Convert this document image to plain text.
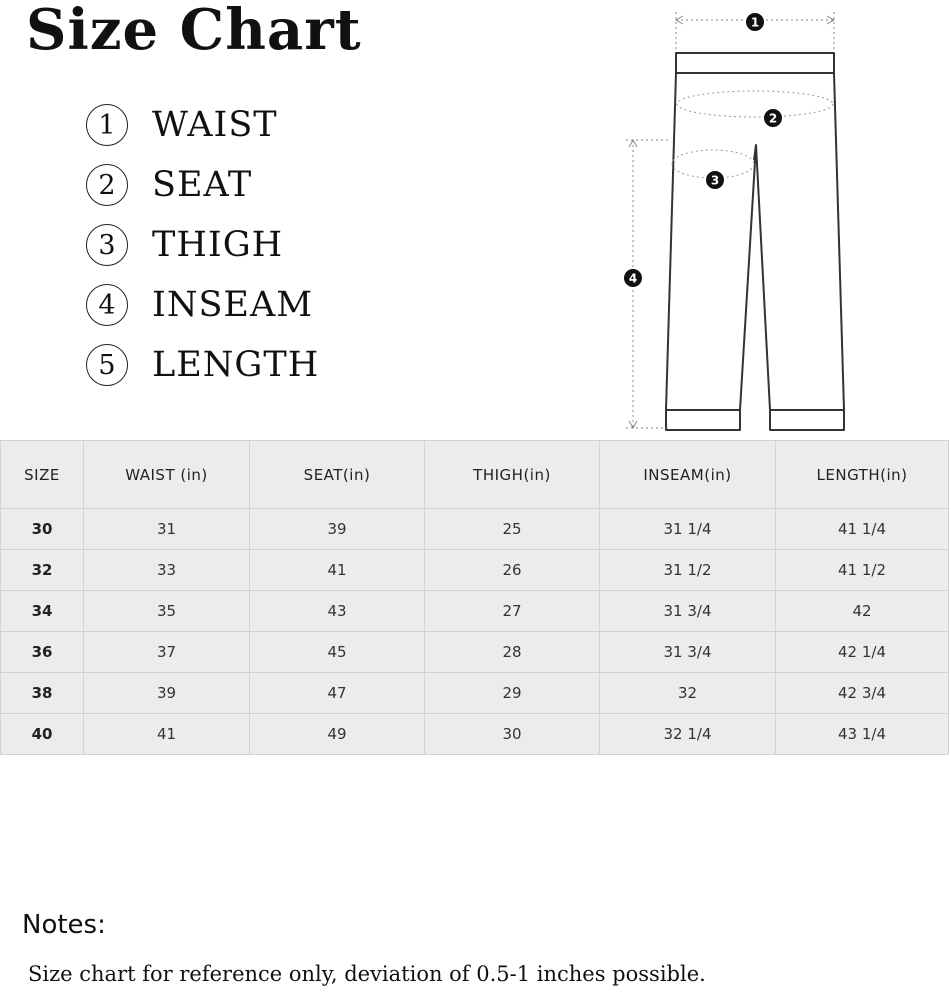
Size Chart
1	WAIST
2	SEAT
3	THIGH
4	INSEAM
5	LENGTH
1
2
3
4
SIZE	WAIST (in)	SEAT(in)	THIGH(in)	INSEAM(in)	LENGTH(in)
30	31	39	25	31 1/4	41 1/4
32	33	41	26	31 1/2	41 1/2
34	35	43	27	31 3/4	42
36	37	45	28	31 3/4	42 1/4
38	39	47	29	32	42 3/4
40	41	49	30	32 1/4	43 1/4
Notes:
Size chart for reference only, deviation of 0.5-1 inches possible.
